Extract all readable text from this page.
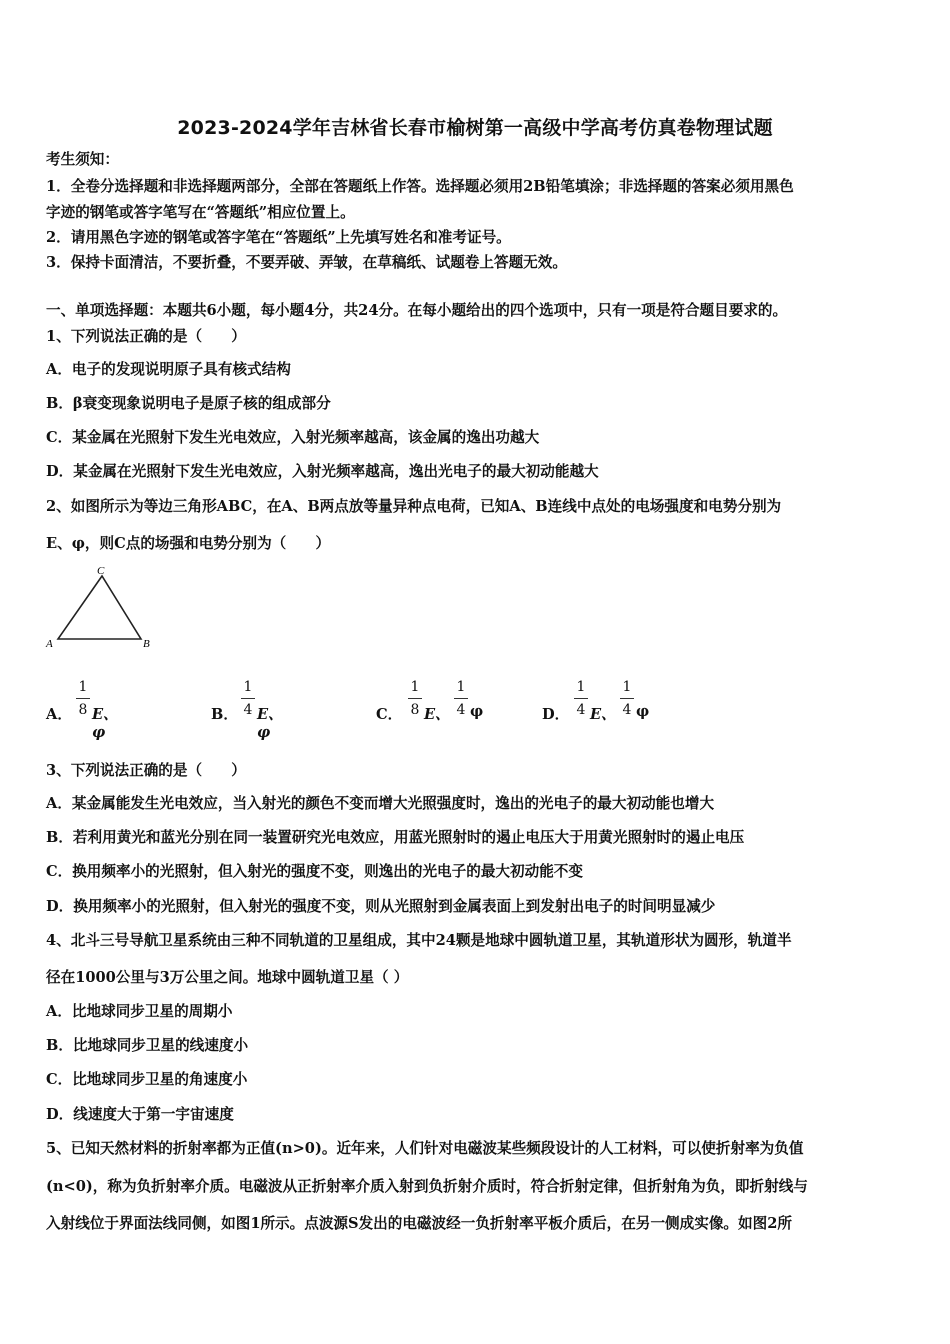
2023-2024学年吉林省长春市榆树第一高级中学高考仿真卷物理试题
考生须知：
1．全卷分选择题和非选择题两部分，全部在答题纸上作答。选择题必须用2B铅笔填涂；非选择题的答案必须用黑色
字迹的钢笔或答字笔写在“答题纸”相应位置上。
2．请用黑色字迹的钢笔或答字笔在“答题纸”上先填写姓名和准考证号。
3．保持卡面清洁，不要折叠，不要弄破、弄皱，在草稿纸、试题卷上答题无效。
一、单项选择题：本题共6小题，每小题4分，共24分。在每小题给出的四个选项中，只有一项是符合题目要求的。
1、下列说法正确的是（　　）
A．电子的发现说明原子具有核式结构
B．β衰变现象说明电子是原子核的组成部分
C．某金属在光照射下发生光电效应，入射光频率越高，该金属的逸出功越大
D．某金属在光照射下发生光电效应，入射光频率越高，逸出光电子的最大初动能越大
2、如图所示为等边三角形ABC，在A、B两点放等量异种点电荷，已知A、B连线中点处的电场强度和电势分别为
E、φ，则C点的场强和电势分别为（　　）
C
A	B
A． $\frac{1}{8}$ E、φ
B． $\frac{1}{4}$ E、φ
C． $\frac{1}{8}$ E、 $\frac{1}{4}$ φ	D． $\frac{1}{4}$ E、 $\frac{1}{4}$ φ
3、下列说法正确的是（　　）
A．某金属能发生光电效应，当入射光的颜色不变而增大光照强度时，逸出的光电子的最大初动能也增大
B．若利用黄光和蓝光分别在同一装置研究光电效应，用蓝光照射时的遏止电压大于用黄光照射时的遏止电压
C．换用频率小的光照射，但入射光的强度不变，则逸出的光电子的最大初动能不变
D．换用频率小的光照射，但入射光的强度不变，则从光照射到金属表面上到发射出电子的时间明显减少
4、北斗三号导航卫星系统由三种不同轨道的卫星组成，其中24颗是地球中圆轨道卫星，其轨道形状为圆形，轨道半
径在1000公里与3万公里之间。地球中圆轨道卫星（ ）
A．比地球同步卫星的周期小
B．比地球同步卫星的线速度小
C．比地球同步卫星的角速度小
D．线速度大于第一宇宙速度
5、已知天然材料的折射率都为正值(n>0)。近年来，人们针对电磁波某些频段设计的人工材料，可以使折射率为负值
(n<0)，称为负折射率介质。电磁波从正折射率介质入射到负折射介质时，符合折射定律，但折射角为负，即折射线与
入射线位于界面法线同侧，如图1所示。点波源S发出的电磁波经一负折射率平板介质后，在另一侧成实像。如图2所
